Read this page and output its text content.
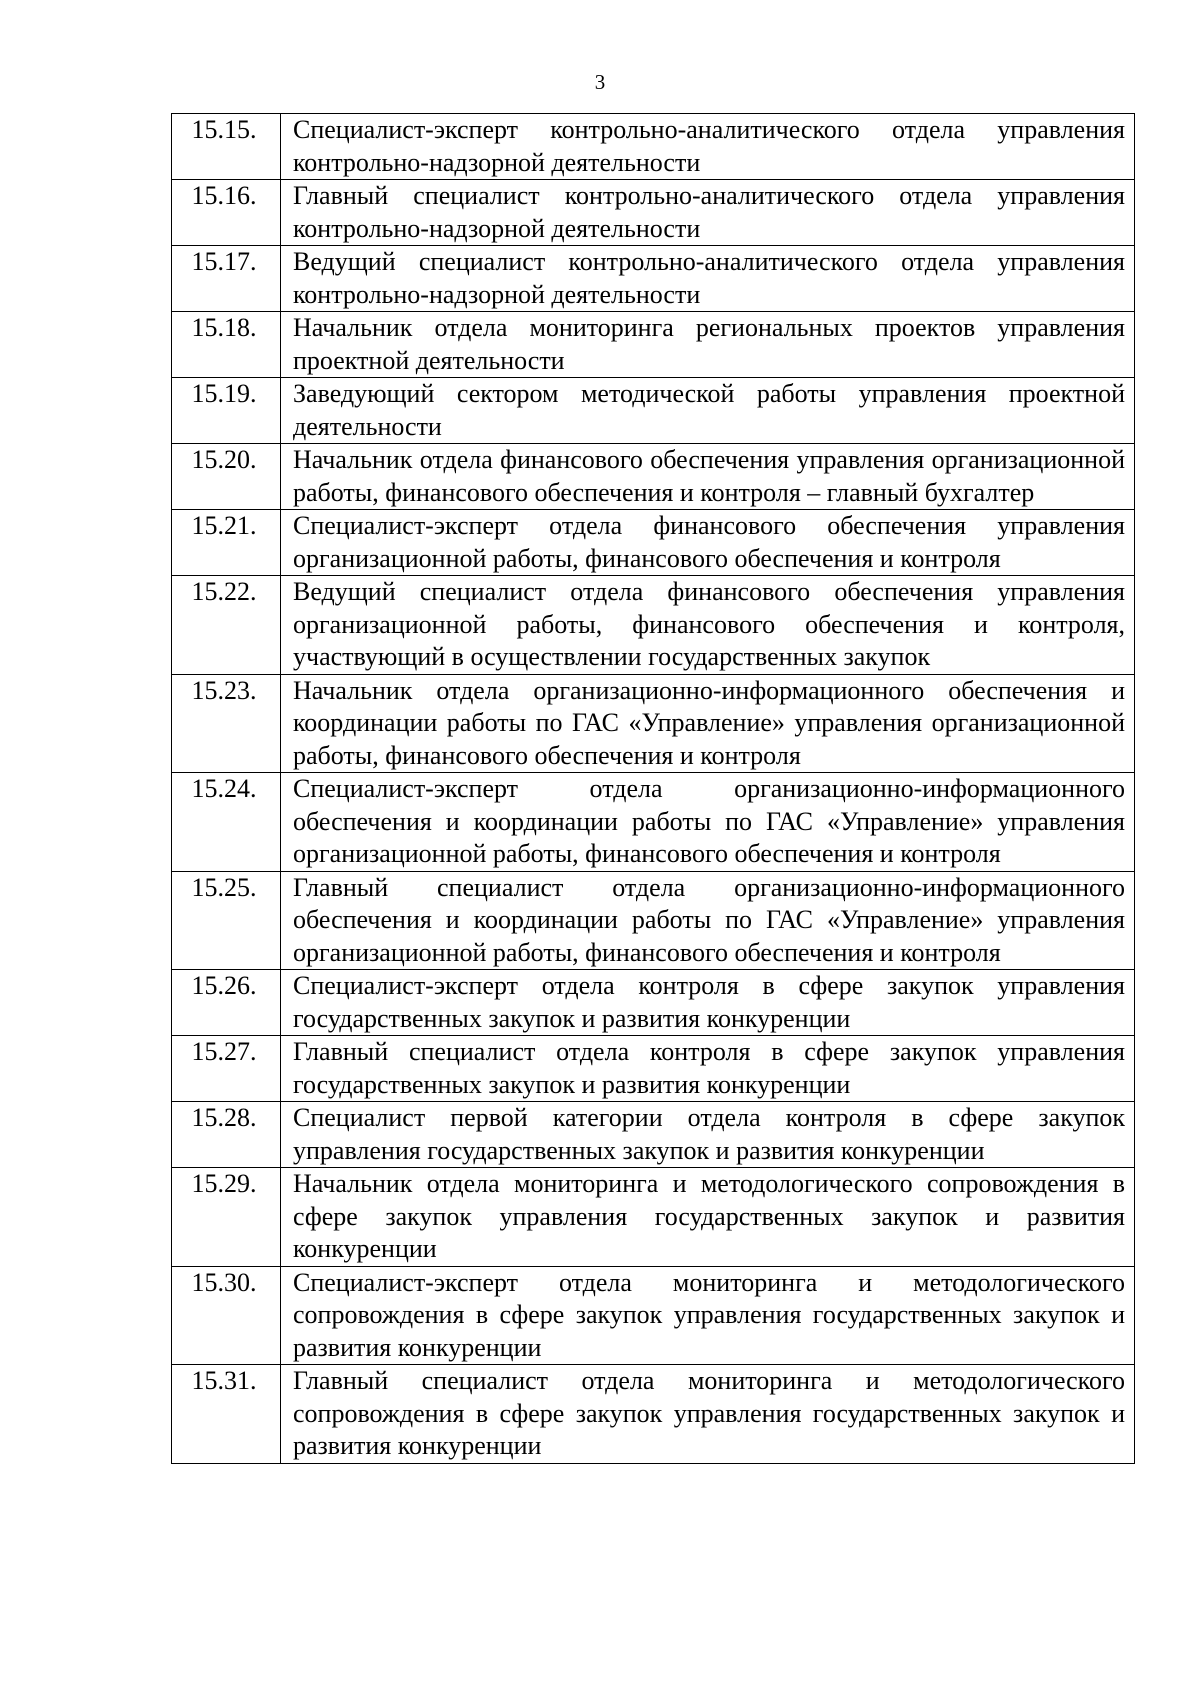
3
15.15.	Специалист-эксперт контрольно-аналитического отдела управления контрольно-надзорной деятельности
15.16.	Главный специалист контрольно-аналитического отдела управления контрольно-надзорной деятельности
15.17.	Ведущий специалист контрольно-аналитического отдела управления контрольно-надзорной деятельности
15.18.	Начальник отдела мониторинга региональных проектов управления проектной деятельности
15.19.	Заведующий сектором методической работы управления проектной деятельности
15.20.	Начальник отдела финансового обеспечения управления организационной работы, финансового обеспечения и контроля – главный бухгалтер
15.21.	Специалист-эксперт отдела финансового обеспечения управления организационной работы, финансового обеспечения и контроля
15.22.	Ведущий специалист отдела финансового обеспечения управления организационной работы, финансового обеспечения и контроля, участвующий в осуществлении государственных закупок
15.23.	Начальник отдела организационно-информационного обеспечения и координации работы по ГАС «Управление» управления организационной работы, финансового обеспечения и контроля
15.24.	Специалист-эксперт отдела организационно-информационного обеспечения и координации работы по ГАС «Управление» управления организационной работы, финансового обеспечения и контроля
15.25.	Главный специалист отдела организационно-информационного обеспечения и координации работы по ГАС «Управление» управления организационной работы, финансового обеспечения и контроля
15.26.	Специалист-эксперт отдела контроля в сфере закупок управления государственных закупок и развития конкуренции
15.27.	Главный специалист отдела контроля в сфере закупок управления государственных закупок и развития конкуренции
15.28.	Специалист первой категории отдела контроля в сфере закупок управления государственных закупок и развития конкуренции
15.29.	Начальник отдела мониторинга и методологического сопровождения в сфере закупок управления государственных закупок и развития конкуренции
15.30.	Специалист-эксперт отдела мониторинга и методологического сопровождения в сфере закупок управления государственных закупок и развития конкуренции
15.31.	Главный специалист отдела мониторинга и методологического сопровождения в сфере закупок управления государственных закупок и развития конкуренции
